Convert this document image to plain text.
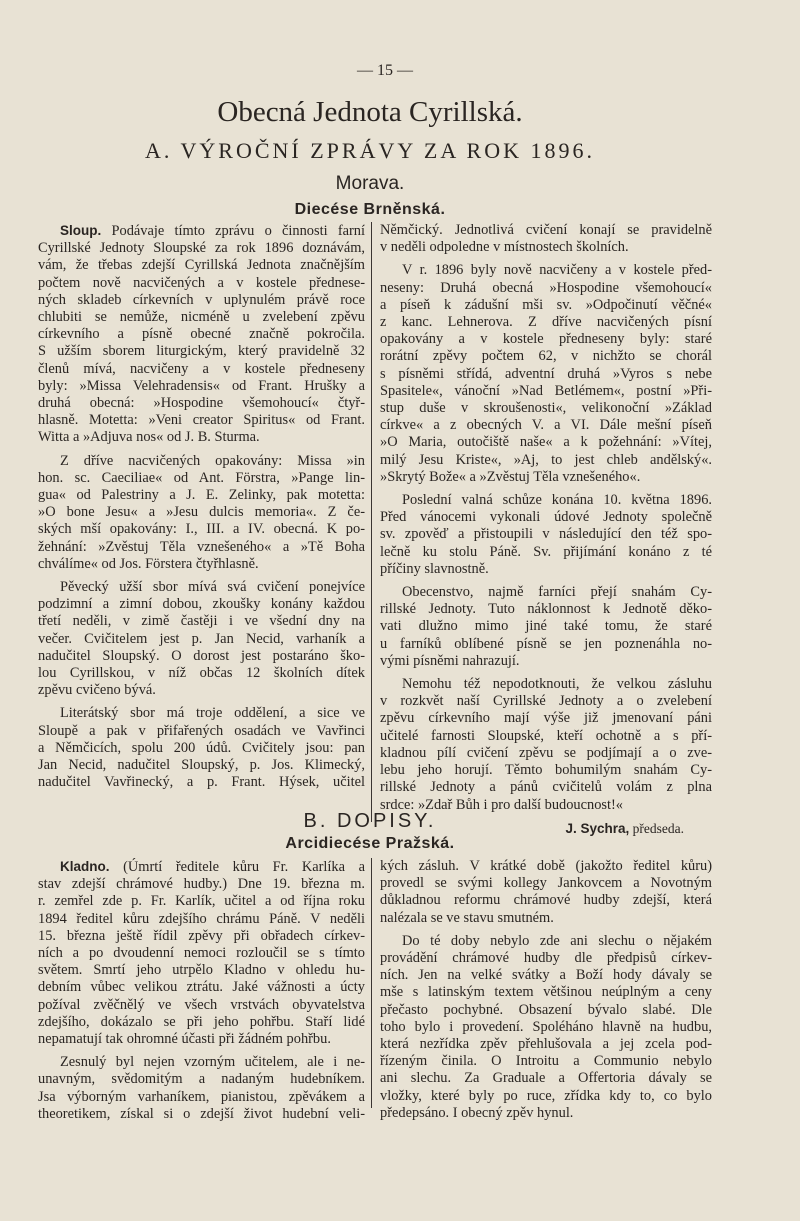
— 15 —
Obecná Jednota Cyrillská.
A. VÝROČNÍ ZPRÁVY ZA ROK 1896.
Morava.
Diecése Brněnská.
Sloup. Podávaje tímto zprávu o činnosti farní
Cyrillské Jednoty Sloupské za rok 1896 doznávám,
vám, že třebas zdejší Cyrillská Jednota značnějším
počtem nově nacvičených a v kostele přednese-
ných skladeb církevních v uplynulém právě roce
chlubiti se nemůže, nicméně u zvelebení zpěvu
církevního a písně obecné značně pokročila.
S užším sborem liturgickým, který pravidelně 32
členů mívá, nacvičeny a v kostele předneseny
byly: »Missa Velehradensis« od Frant. Hrušky a
druhá obecná: »Hospodine všemohoucí« čtyř-
hlasně. Motetta: »Veni creator Spiritus« od Frant.
Witta a »Adjuva nos« od J. B. Sturma.
Z dříve nacvičených opakovány: Missa »in
hon. sc. Caeciliae« od Ant. Förstra, »Pange lin-
gua« od Palestriny a J. E. Zelinky, pak motetta:
»O bone Jesu« a »Jesu dulcis memoria«. Z če-
ských mší opakovány: I., III. a IV. obecná. K po-
žehnání: »Zvěstuj Těla vznešeného« a »Tě Boha
chválíme« od Jos. Förstera čtyřhlasně.
Pěvecký užší sbor mívá svá cvičení ponejvíce
podzimní a zimní dobou, zkoušky konány každou
třetí neděli, v zimě častěji i ve všední dny na
večer. Cvičitelem jest p. Jan Necid, varhaník a
nadučitel Sloupský. O dorost jest postaráno ško-
lou Cyrillskou, v níž občas 12 školních dítek
zpěvu cvičeno bývá.
Literátský sbor má troje oddělení, a sice ve
Sloupě a pak v přifařených osadách ve Vavřinci
a Němčicích, spolu 200 údů. Cvičitely jsou: pan
Jan Necid, nadučitel Sloupský, p. Jos. Klimecký,
nadučitel Vavřinecký, a p. Frant. Hýsek, učitel
Němčický. Jednotlivá cvičení konají se pravidelně
v neděli odpoledne v místnostech školních.
V r. 1896 byly nově nacvičeny a v kostele před-
neseny: Druhá obecná »Hospodine všemohoucí«
a píseň k zádušní mši sv. »Odpočinutí věčné«
z kanc. Lehnerova. Z dříve nacvičených písní
opakovány a v kostele předneseny byly: staré
rorátní zpěvy počtem 62, v nichžto se chorál
s písněmi střídá, adventní druhá »Vyros s nebe
Spasitele«, vánoční »Nad Betlémem«, postní »Při-
stup duše v skroušenosti«, velikonoční »Základ
církve« a z obecných V. a VI. Dále mešní píseň
»O Maria, outočiště naše« a k požehnání: »Vítej,
milý Jesu Kriste«, »Aj, to jest chleb andělský«.
»Skrytý Bože« a »Zvěstuj Těla vznešeného«.
Poslední valná schůze konána 10. května 1896.
Před vánocemi vykonali údové Jednoty společně
sv. zpověď a přistoupili v následující den též spo-
lečně ku stolu Páně. Sv. přijímání konáno z té
příčiny slavnostně.
Obecenstvo, najmě farníci přejí snahám Cy-
rillské Jednoty. Tuto náklonnost k Jednotě děko-
vati dlužno mimo jiné také tomu, že staré
u farníků oblíbené písně se jen poznenáhla no-
vými písněmi nahrazují.
Nemohu též nepodotknouti, že velkou zásluhu
v rozkvět naší Cyrillské Jednoty a o zvelebení
zpěvu církevního mají výše již jmenovaní páni
učitelé farnosti Sloupské, kteří ochotně a s pří-
kladnou pílí cvičení zpěvu se podjímají a o zve-
lebu jeho horují. Těmto bohumilým snahám Cy-
rillské Jednoty a pánů cvičitelů volám z plna
srdce: »Zdař Bůh i pro další budoucnost!«
J. Sychra, předseda.
B. DOPISY.
Arcidiecése Pražská.
Kladno. (Úmrtí ředitele kůru Fr. Karlíka a
stav zdejší chrámové hudby.) Dne 19. března m.
r. zemřel zde p. Fr. Karlík, učitel a od října roku
1894 ředitel kůru zdejšího chrámu Páně. V neděli
15. března ještě řídil zpěvy při obřadech církev-
ních a po dvoudenní nemoci rozloučil se s tímto
světem. Smrtí jeho utrpělo Kladno v ohledu hu-
debním vůbec velikou ztrátu. Jaké vážnosti a úcty
požíval zvěčnělý ve všech vrstvách obyvatelstva
zdejšího, dokázalo se při jeho pohřbu. Staří lidé
nepamatují tak ohromné účasti při žádném pohřbu.
Zesnulý byl nejen vzorným učitelem, ale i ne-
unavným, svědomitým a nadaným hudebníkem.
Jsa výborným varhaníkem, pianistou, zpěvákem a
theoretikem, získal si o zdejší život hudební veli-
kých zásluh. V krátké době (jakožto ředitel kůru)
provedl se svými kollegy Jankovcem a Novotným
důkladnou reformu chrámové hudby zdejší, která
nalézala se ve stavu smutném.
Do té doby nebylo zde ani slechu o nějakém
provádění chrámové hudby dle předpisů církev-
ních. Jen na velké svátky a Boží hody dávaly se
mše s latinským textem většinou neúplným a ceny
přečasto pochybné. Obsazení bývalo slabé. Dle
toho bylo i provedení. Spoléháno hlavně na hudbu,
která nezřídka zpěv přehlušovala a jej zcela pod-
řízeným činila. O Introitu a Communio nebylo
ani slechu. Za Graduale a Offertoria dávaly se
vložky, které byly po ruce, zřídka kdy to, co bylo
předepsáno. I obecný zpěv hynul.
